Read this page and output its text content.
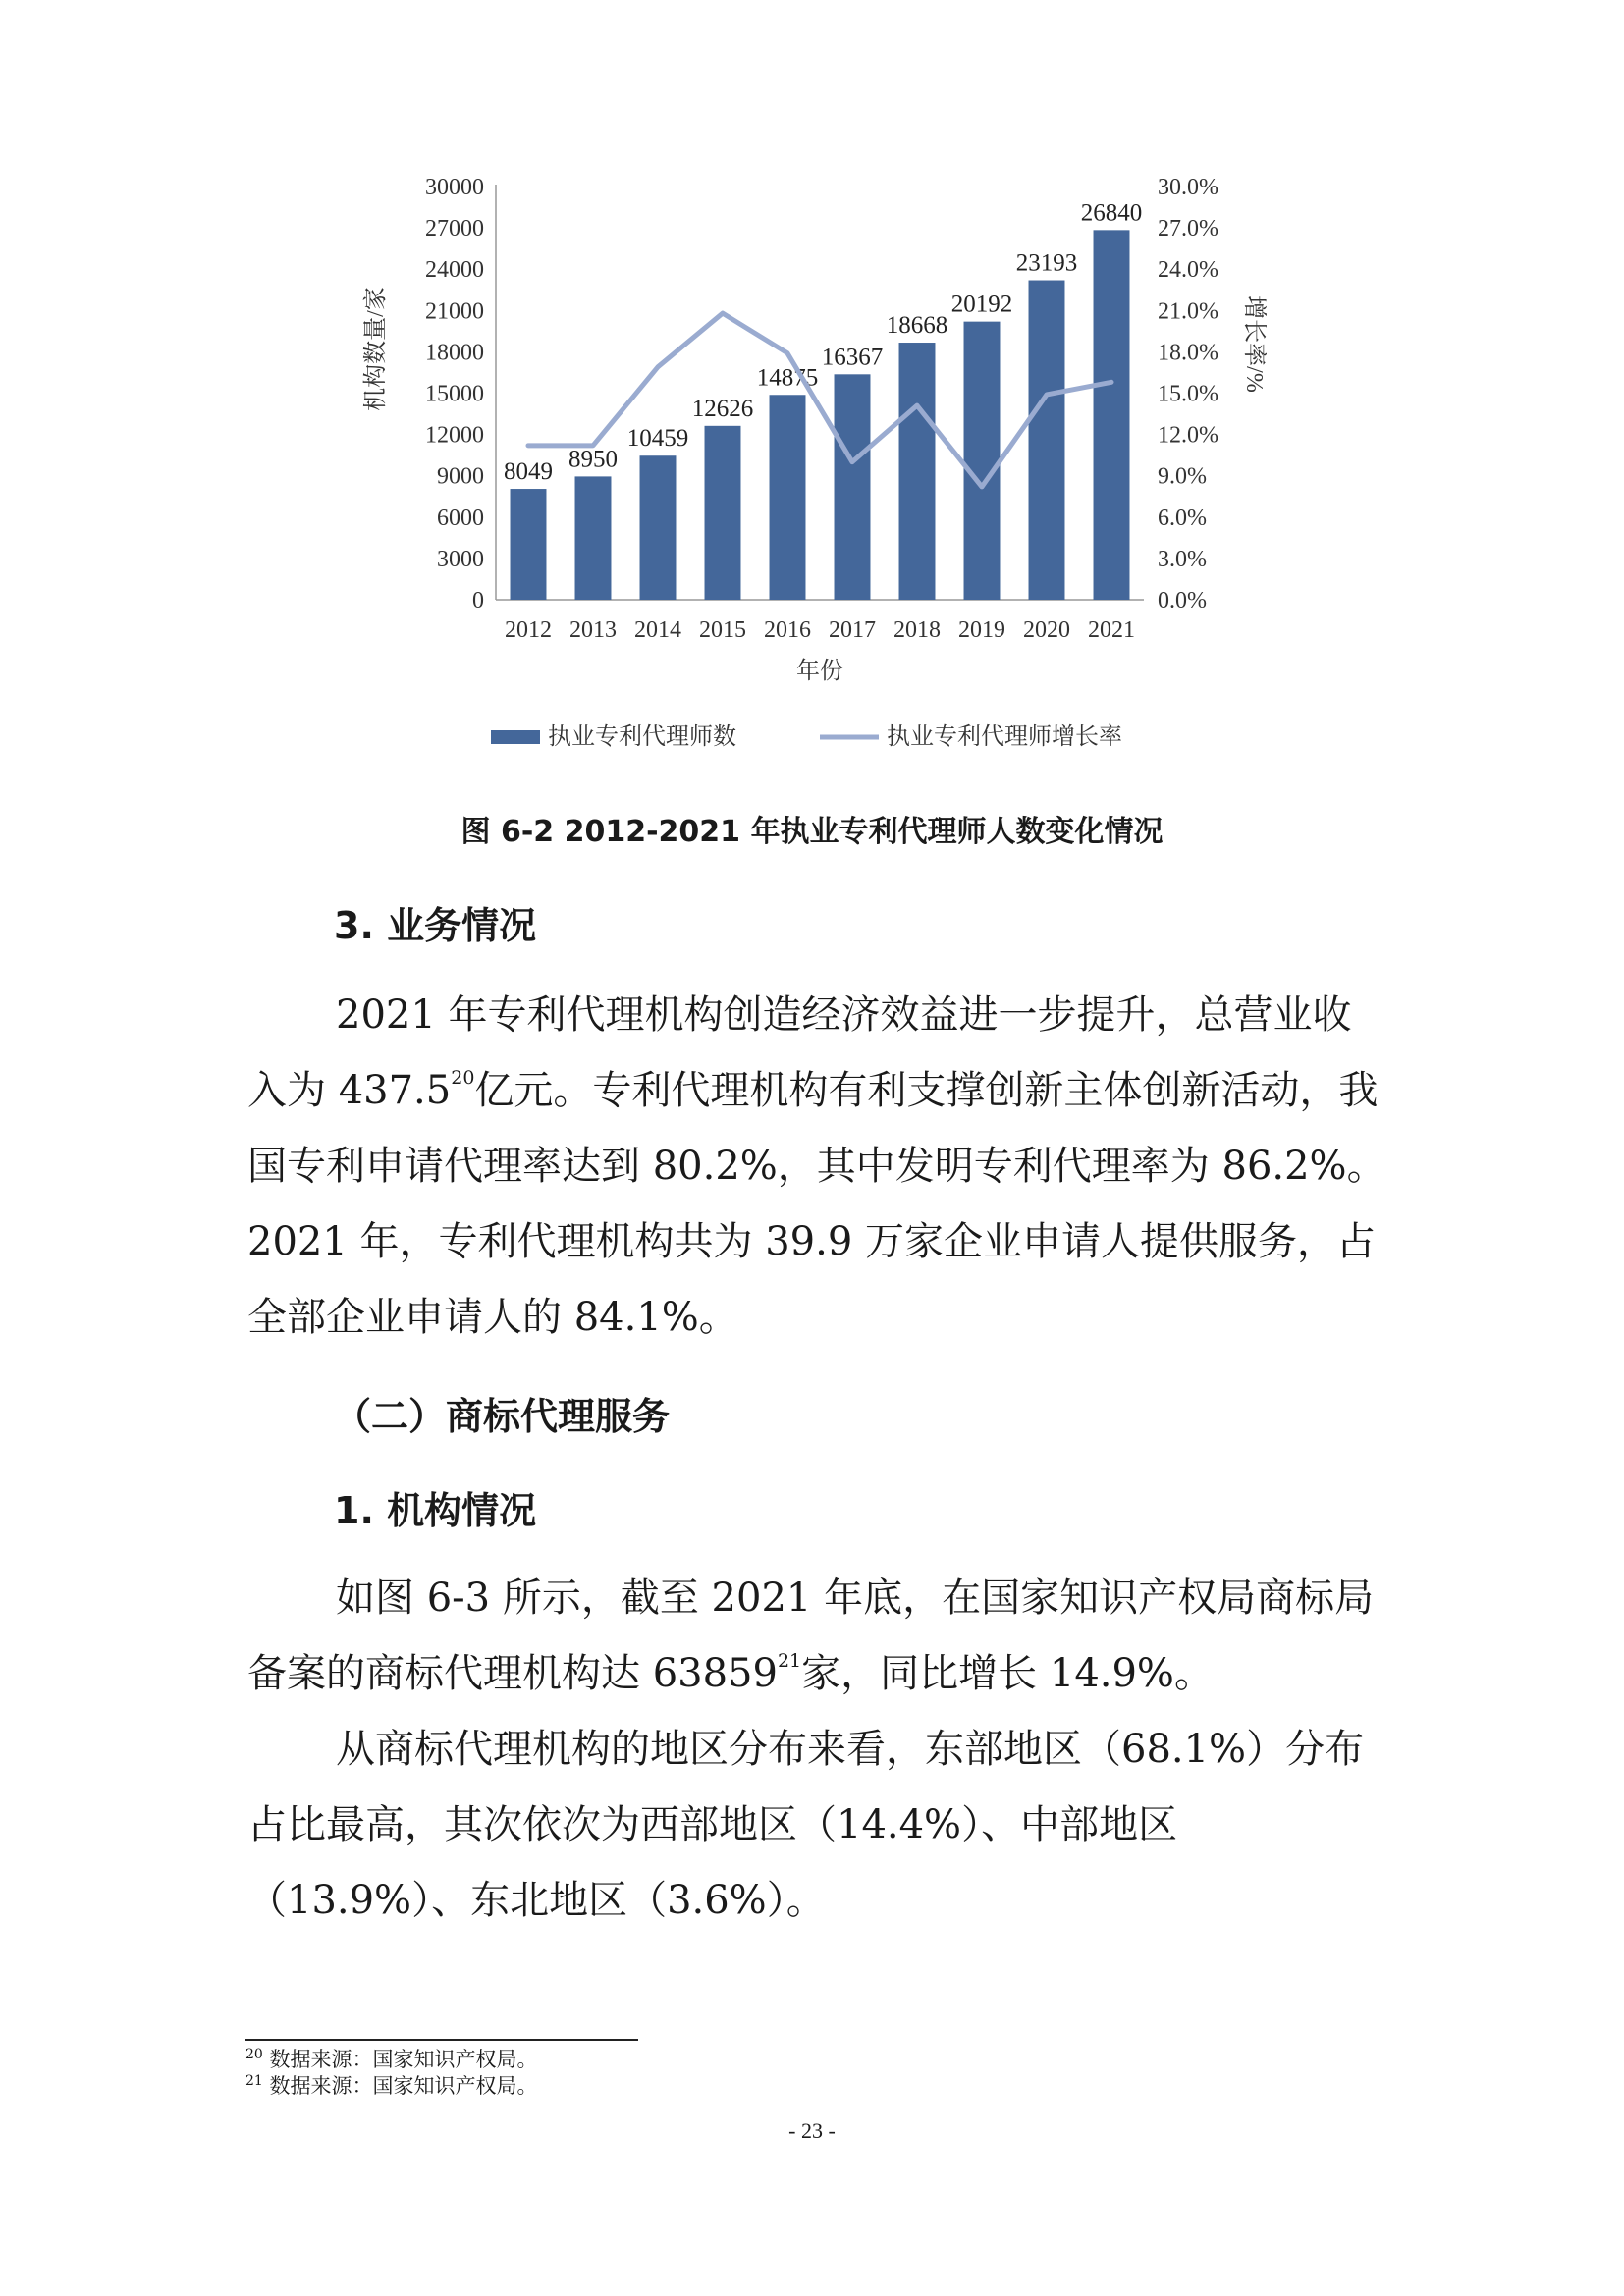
0
3000
6000
9000
12000
15000
18000
21000
24000
27000
30000
0.0%
3.0%
6.0%
9.0%
12.0%
15.0%
18.0%
21.0%
24.0%
27.0%
30.0%
8049
2012
8950
2013
10459
2014
12626
2015
14875
2016
16367
2017
18668
2018
20192
2019
23193
2020
26840
2021
年份
机构数量/家	增长率/%
执业专利代理师数	执业专利代理师增长率
图 6-2 2012-2021 年执业专利代理师人数变化情况
3. 业务情况

2021 年专利代理机构创造经济效益进一步提升，总营业收入为 437.5$^{20}$亿元。专利代理机构有利支撑创新主体创新活动，我国专利申请代理率达到 80.2%，其中发明专利代理率为 86.2%。2021 年，专利代理机构共为 39.9 万家企业申请人提供服务，占全部企业申请人的 84.1%。

（二）商标代理服务
1. 机构情况

如图 6-3 所示，截至 2021 年底，在国家知识产权局商标局备案的商标代理机构达 63859$^{21}$家，同比增长 14.9%。

从商标代理机构的地区分布来看，东部地区（68.1%）分布占比最高，其次依次为西部地区（14.4%）、中部地区（13.9%）、东北地区（3.6%）。

$^{20}$ 数据来源：国家知识产权局。
$^{21}$ 数据来源：国家知识产权局。
- 23 -
